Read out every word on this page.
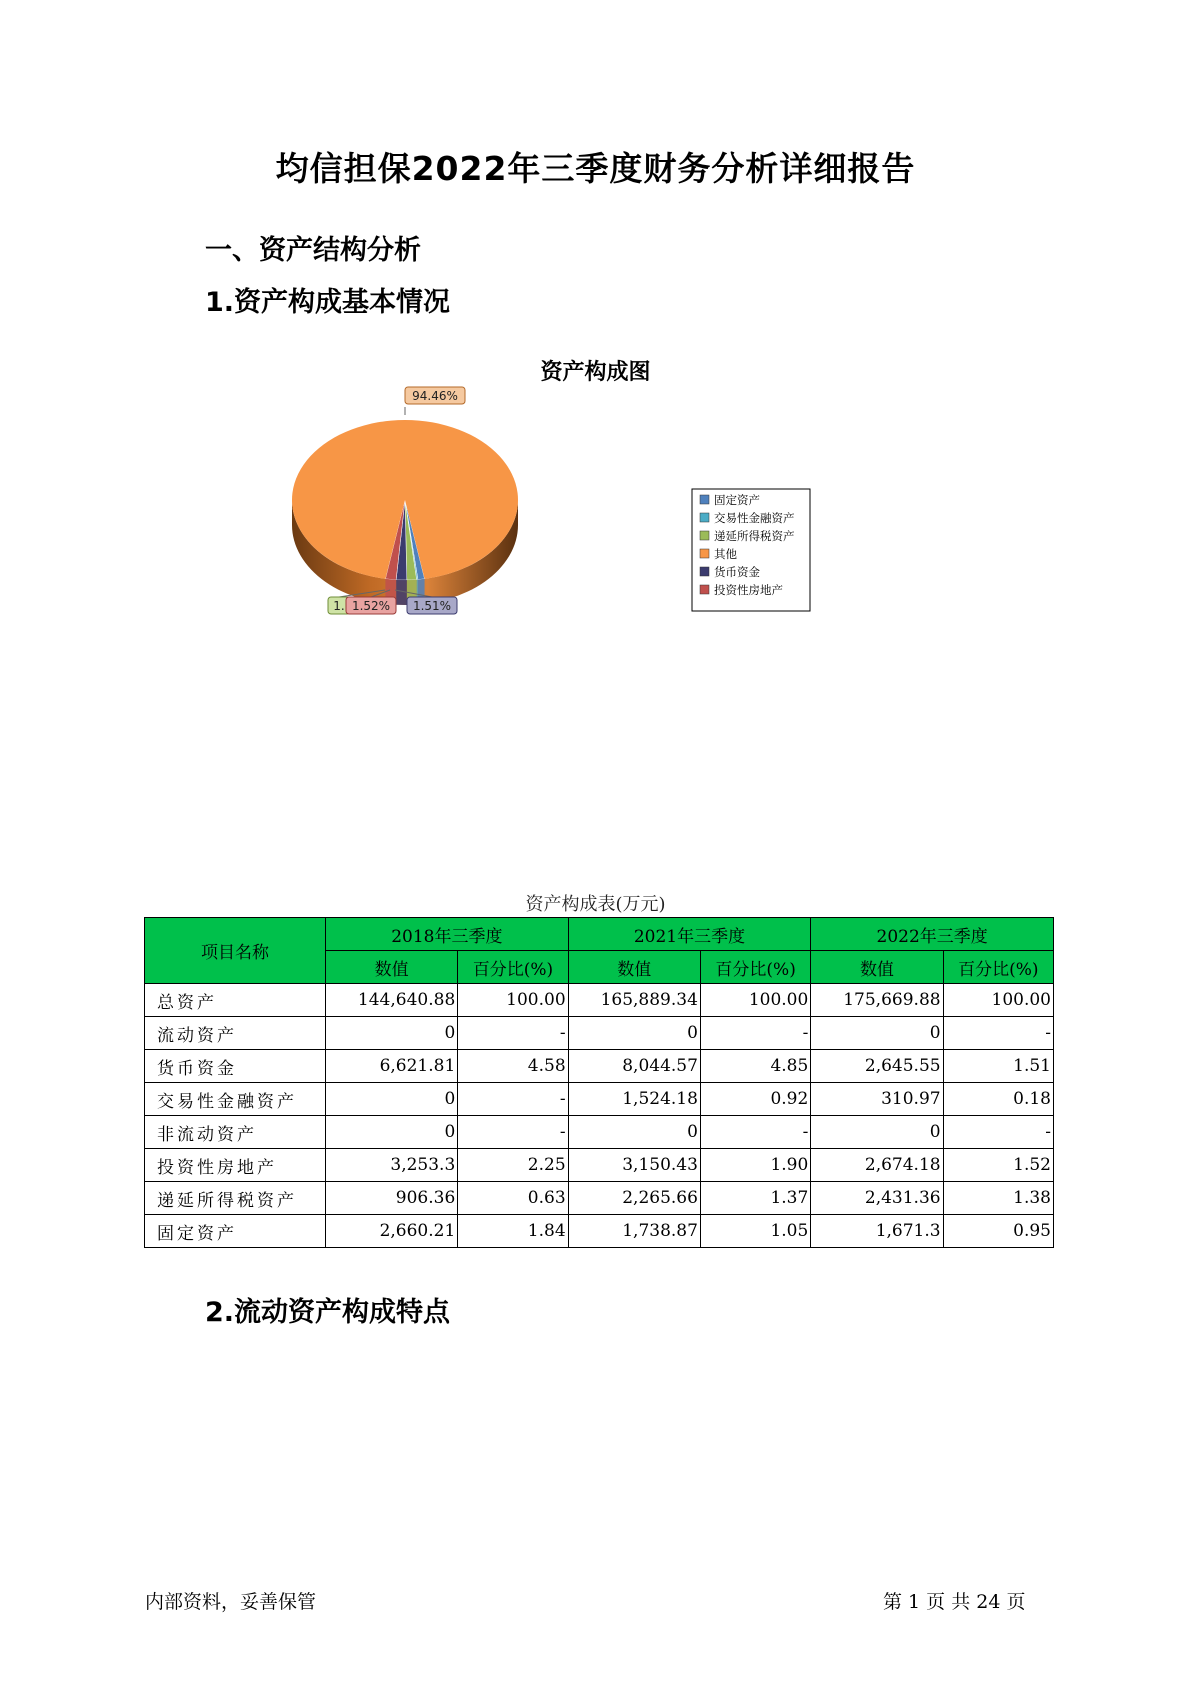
均信担保2022年三季度财务分析详细报告
一、资产结构分析
1.资产构成基本情况
资产构成图
94.46%
1. 1.52% 1.51%
固定资产
交易性金融资产
递延所得税资产
其他
货币资金
投资性房地产
资产构成表(万元)
项目名称	2018年三季度		2021年三季度		2022年三季度	
	数值	百分比(%)	数值	百分比(%)	数值	百分比(%)
总资产	144,640.88	100.00	165,889.34	100.00	175,669.88	100.00
流动资产	0	-	0	-	0	-
货币资金	6,621.81	4.58	8,044.57	4.85	2,645.55	1.51
交易性金融资产	0	-	1,524.18	0.92	310.97	0.18
非流动资产	0	-	0	-	0	-
投资性房地产	3,253.3	2.25	3,150.43	1.90	2,674.18	1.52
递延所得税资产	906.36	0.63	2,265.66	1.37	2,431.36	1.38
固定资产	2,660.21	1.84	1,738.87	1.05	1,671.3	0.95
2.流动资产构成特点
内部资料，妥善保管	第 1 页 共 24 页
